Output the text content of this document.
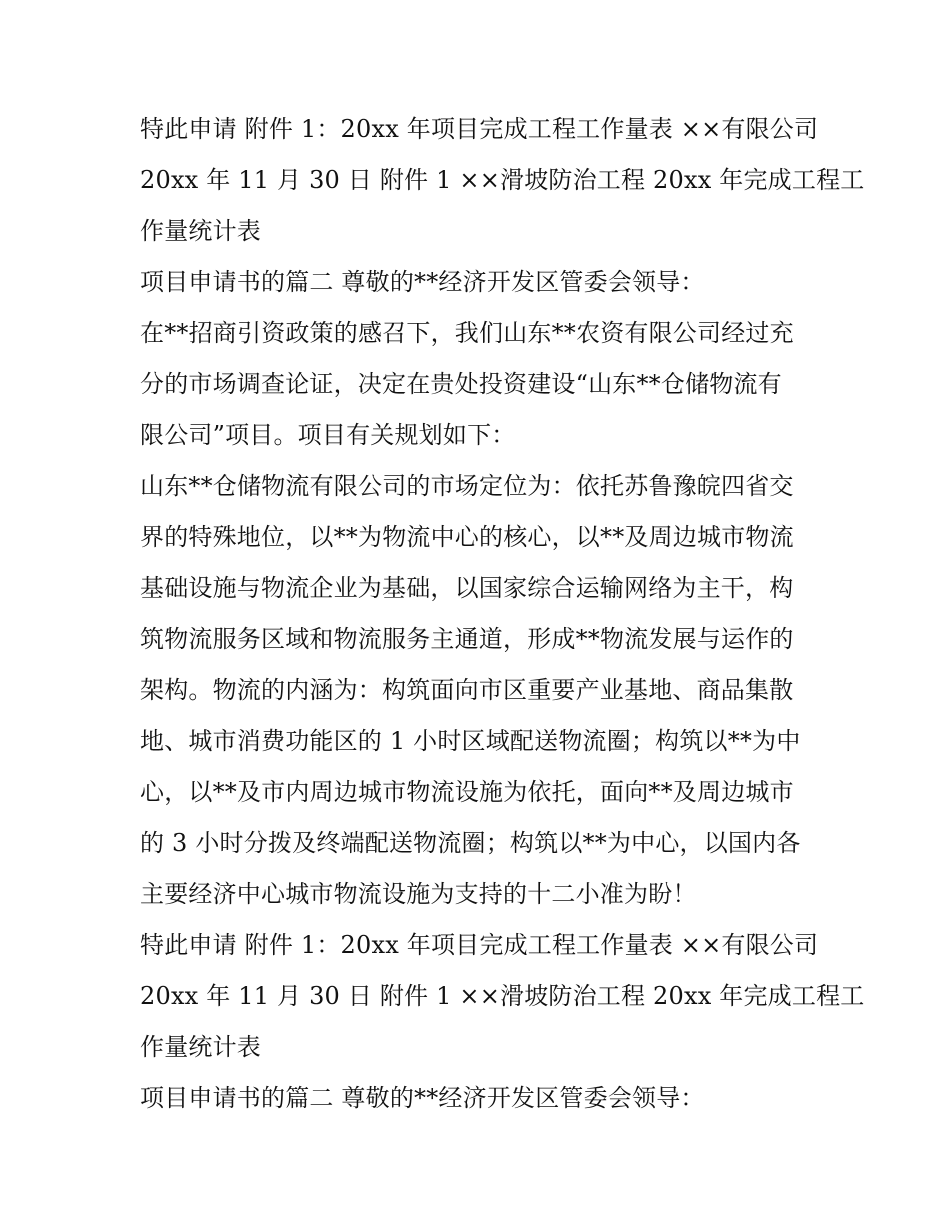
特此申请 附件 1：20xx 年项目完成工程工作量表 ××有限公司
20xx 年 11 月 30 日 附件 1 ××滑坡防治工程 20xx 年完成工程工
作量统计表
项目申请书的篇二 尊敬的**经济开发区管委会领导：
在**招商引资政策的感召下，我们山东**农资有限公司经过充
分的市场调查论证，决定在贵处投资建设“山东**仓储物流有
限公司”项目。项目有关规划如下：
山东**仓储物流有限公司的市场定位为：依托苏鲁豫皖四省交
界的特殊地位，以**为物流中心的核心，以**及周边城市物流
基础设施与物流企业为基础，以国家综合运输网络为主干，构
筑物流服务区域和物流服务主通道，形成**物流发展与运作的
架构。物流的内涵为：构筑面向市区重要产业基地、商品集散
地、城市消费功能区的 1 小时区域配送物流圈；构筑以**为中
心，以**及市内周边城市物流设施为依托，面向**及周边城市
的 3 小时分拨及终端配送物流圈；构筑以**为中心，以国内各
主要经济中心城市物流设施为支持的十二小准为盼！
特此申请 附件 1：20xx 年项目完成工程工作量表 ××有限公司
20xx 年 11 月 30 日 附件 1 ××滑坡防治工程 20xx 年完成工程工
作量统计表
项目申请书的篇二 尊敬的**经济开发区管委会领导：
